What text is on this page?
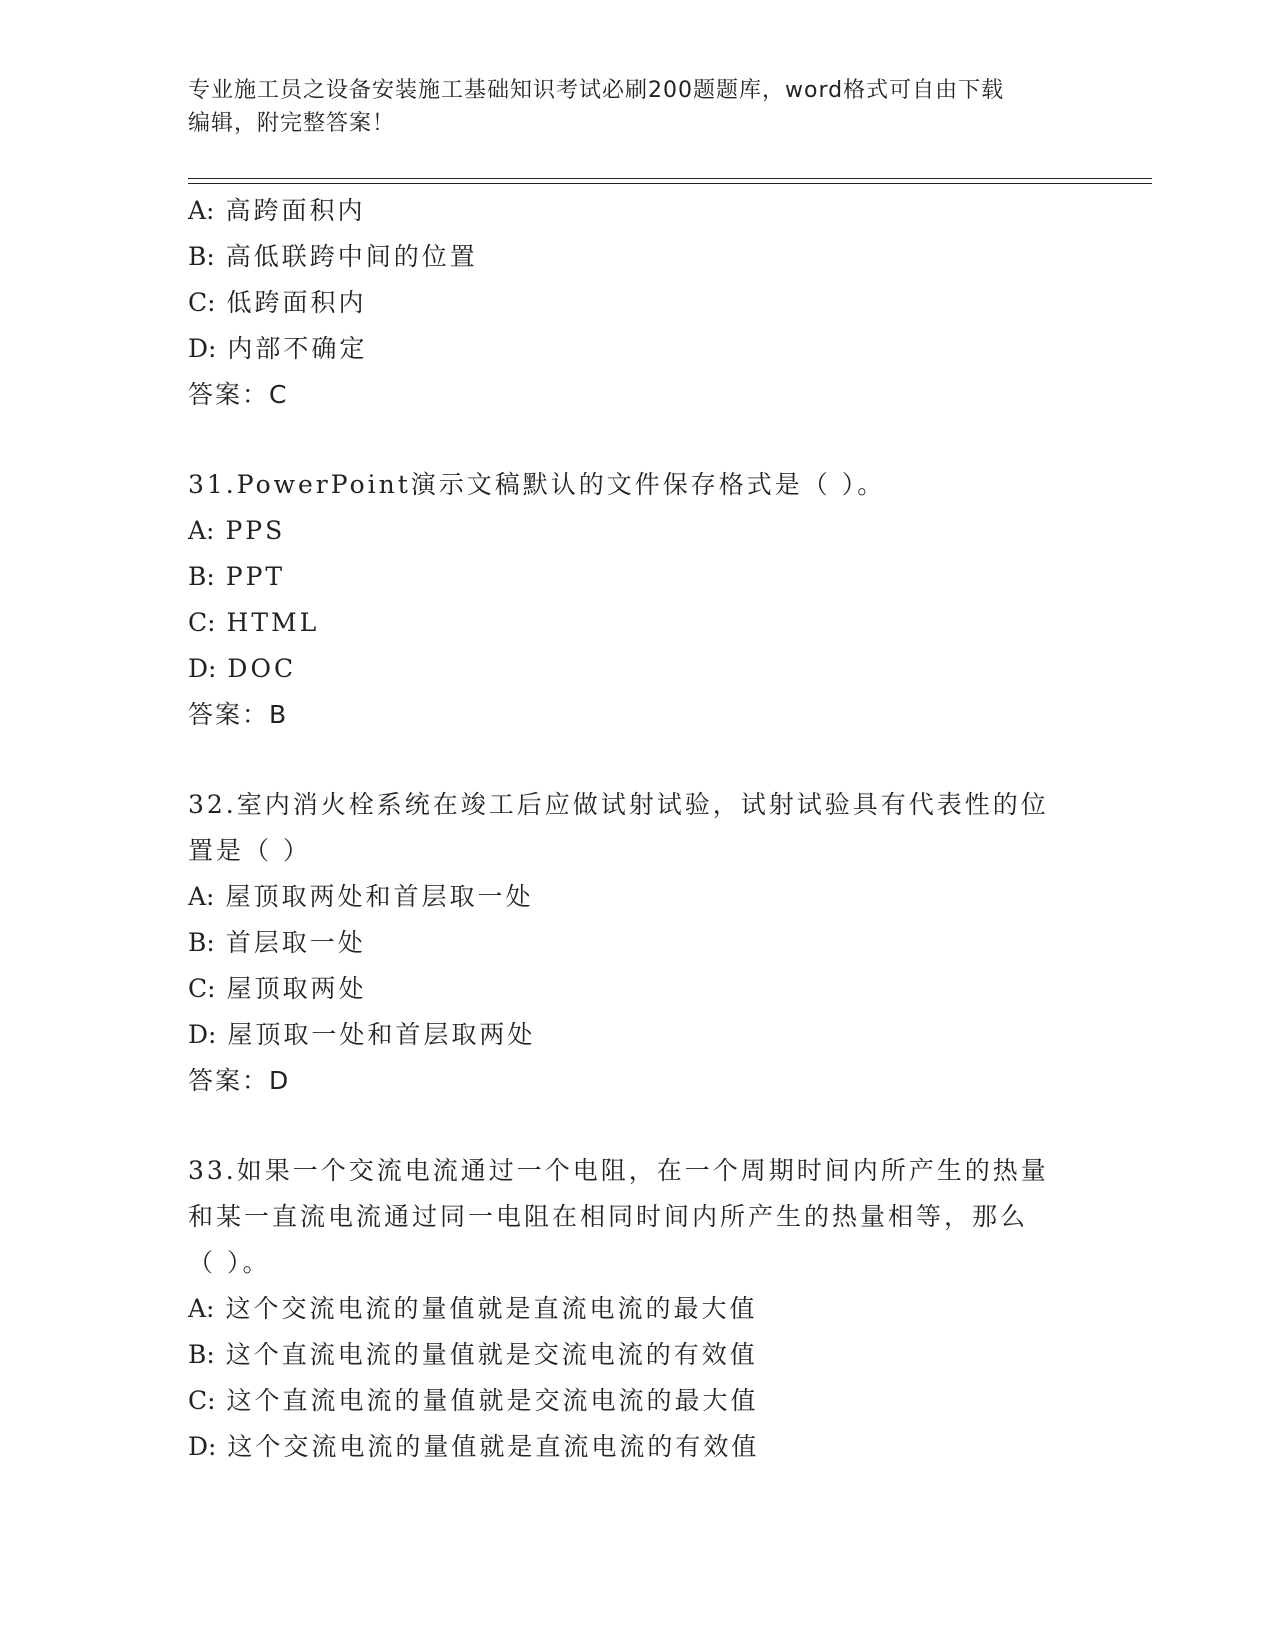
专业施工员之设备安装施工基础知识考试必刷200题题库，word格式可自由下载
编辑，附完整答案！
A: 高跨面积内
B: 高低联跨中间的位置
C: 低跨面积内
D: 内部不确定
答案：C
31.PowerPoint演示文稿默认的文件保存格式是（ ）。
A: PPS
B: PPT
C: HTML
D: DOC
答案：B
32.室内消火栓系统在竣工后应做试射试验，试射试验具有代表性的位
置是（ ）
A: 屋顶取两处和首层取一处
B: 首层取一处
C: 屋顶取两处
D: 屋顶取一处和首层取两处
答案：D
33.如果一个交流电流通过一个电阻，在一个周期时间内所产生的热量
和某一直流电流通过同一电阻在相同时间内所产生的热量相等，那么
（ ）。
A: 这个交流电流的量值就是直流电流的最大值
B: 这个直流电流的量值就是交流电流的有效值
C: 这个直流电流的量值就是交流电流的最大值
D: 这个交流电流的量值就是直流电流的有效值
